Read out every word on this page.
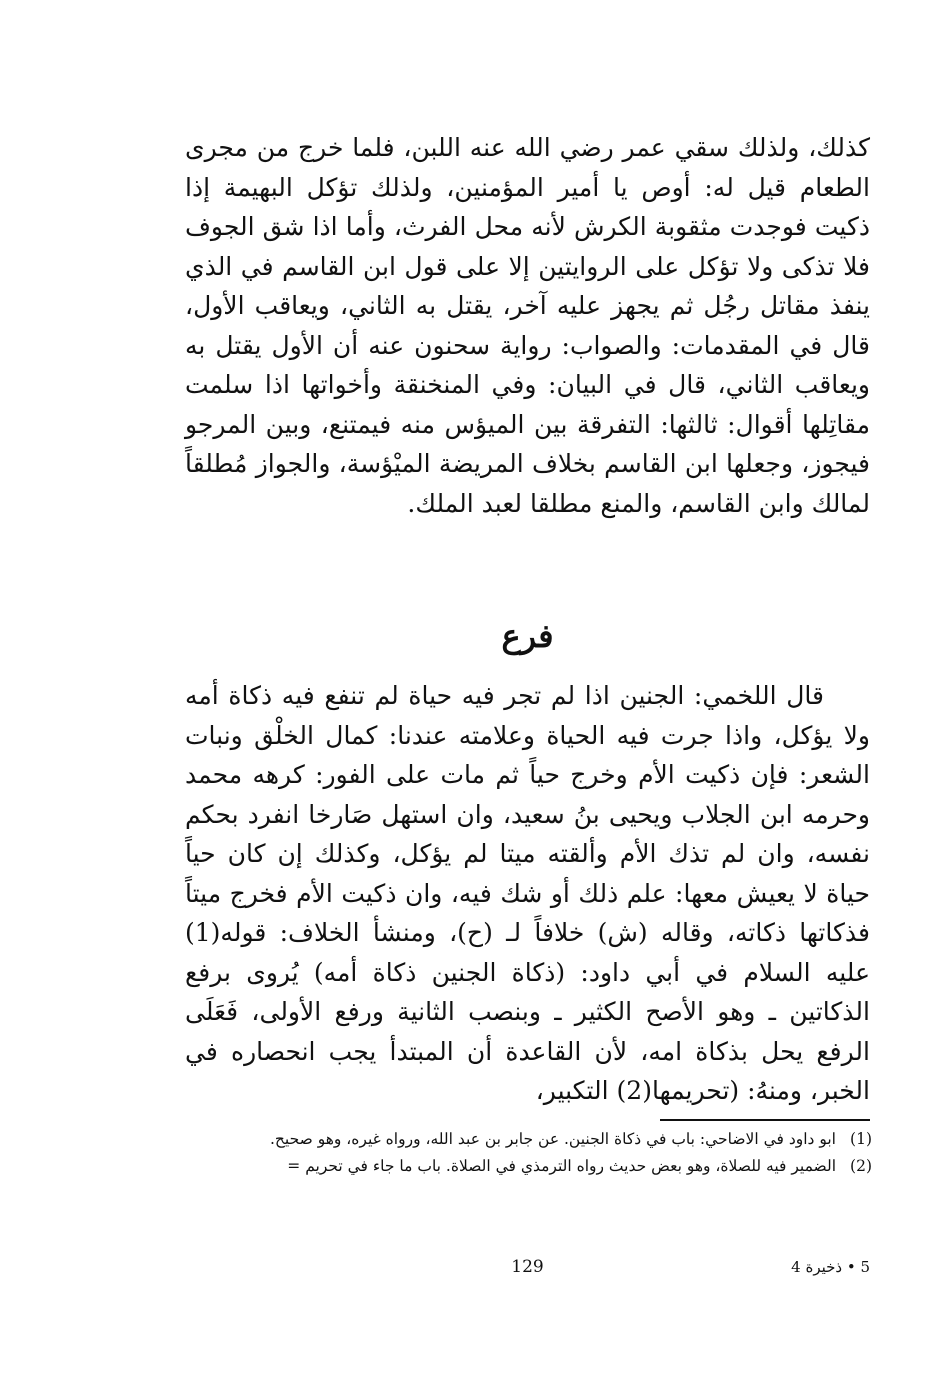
كذلك، ولذلك سقي عمر رضي الله عنه اللبن، فلما خرج من مجرى الطعام قيل له: أوص يا أمير المؤمنين، ولذلك تؤكل البهيمة إذا ذكيت فوجدت مثقوبة الكرش لأنه محل الفرث، وأما اذا شق الجوف فلا تذكى ولا تؤكل على الروايتين إلا على قول ابن القاسم في الذي ينفذ مقاتل رجُل ثم يجهز عليه آخر، يقتل به الثاني، ويعاقب الأول، قال في المقدمات: والصواب: رواية سحنون عنه أن الأول يقتل به ويعاقب الثاني، قال في البيان: وفي المنخنقة وأخواتها اذا سلمت مقاتِلها أقوال: ثالثها: التفرقة بين الميؤس منه فيمتنع، وبين المرجو فيجوز، وجعلها ابن القاسم بخلاف المريضة الميْؤسة، والجواز مُطلقاً لمالك وابن القاسم، والمنع مطلقا لعبد الملك.

فرع

قال اللخمي: الجنين اذا لم تجر فيه حياة لم تنفع فيه ذكاة أمه ولا يؤكل، واذا جرت فيه الحياة وعلامته عندنا: كمال الخلْق ونبات الشعر: فإن ذكيت الأم وخرج حياً ثم مات على الفور: كرهه محمد وحرمه ابن الجلاب ويحيى بنُ سعيد، وان استهل صَارخا انفرد بحكم نفسه، وان لم تذك الأم وألقته ميتا لم يؤكل، وكذلك إن كان حياً حياة لا يعيش معها: علم ذلك أو شك فيه، وان ذكيت الأم فخرج ميتاً فذكاتها ذكاته، وقاله (ش) خلافاً لـ (ح)، ومنشأ الخلاف: قوله(1) عليه السلام في أبي داود: (ذكاة الجنين ذكاة أمه) يُروى برفع الذكاتين ـ وهو الأصح الكثير ـ وبنصب الثانية ورفع الأولى، فَعَلَى الرفع يحل بذكاة امه، لأن القاعدة أن المبتدأ يجب انحصاره في الخبر، ومنهُ: (تحريمها(2) التكبير،

(1)
ابو داود في الاضاحي: باب في ذكاة الجنين. عن جابر بن عبد الله، ورواه غيره، وهو صحيح.
(2)
الضمير فيه للصلاة، وهو بعض حديث رواه الترمذي في الصلاة. باب ما جاء في تحريم =
5 • ذخيرة 4
129
